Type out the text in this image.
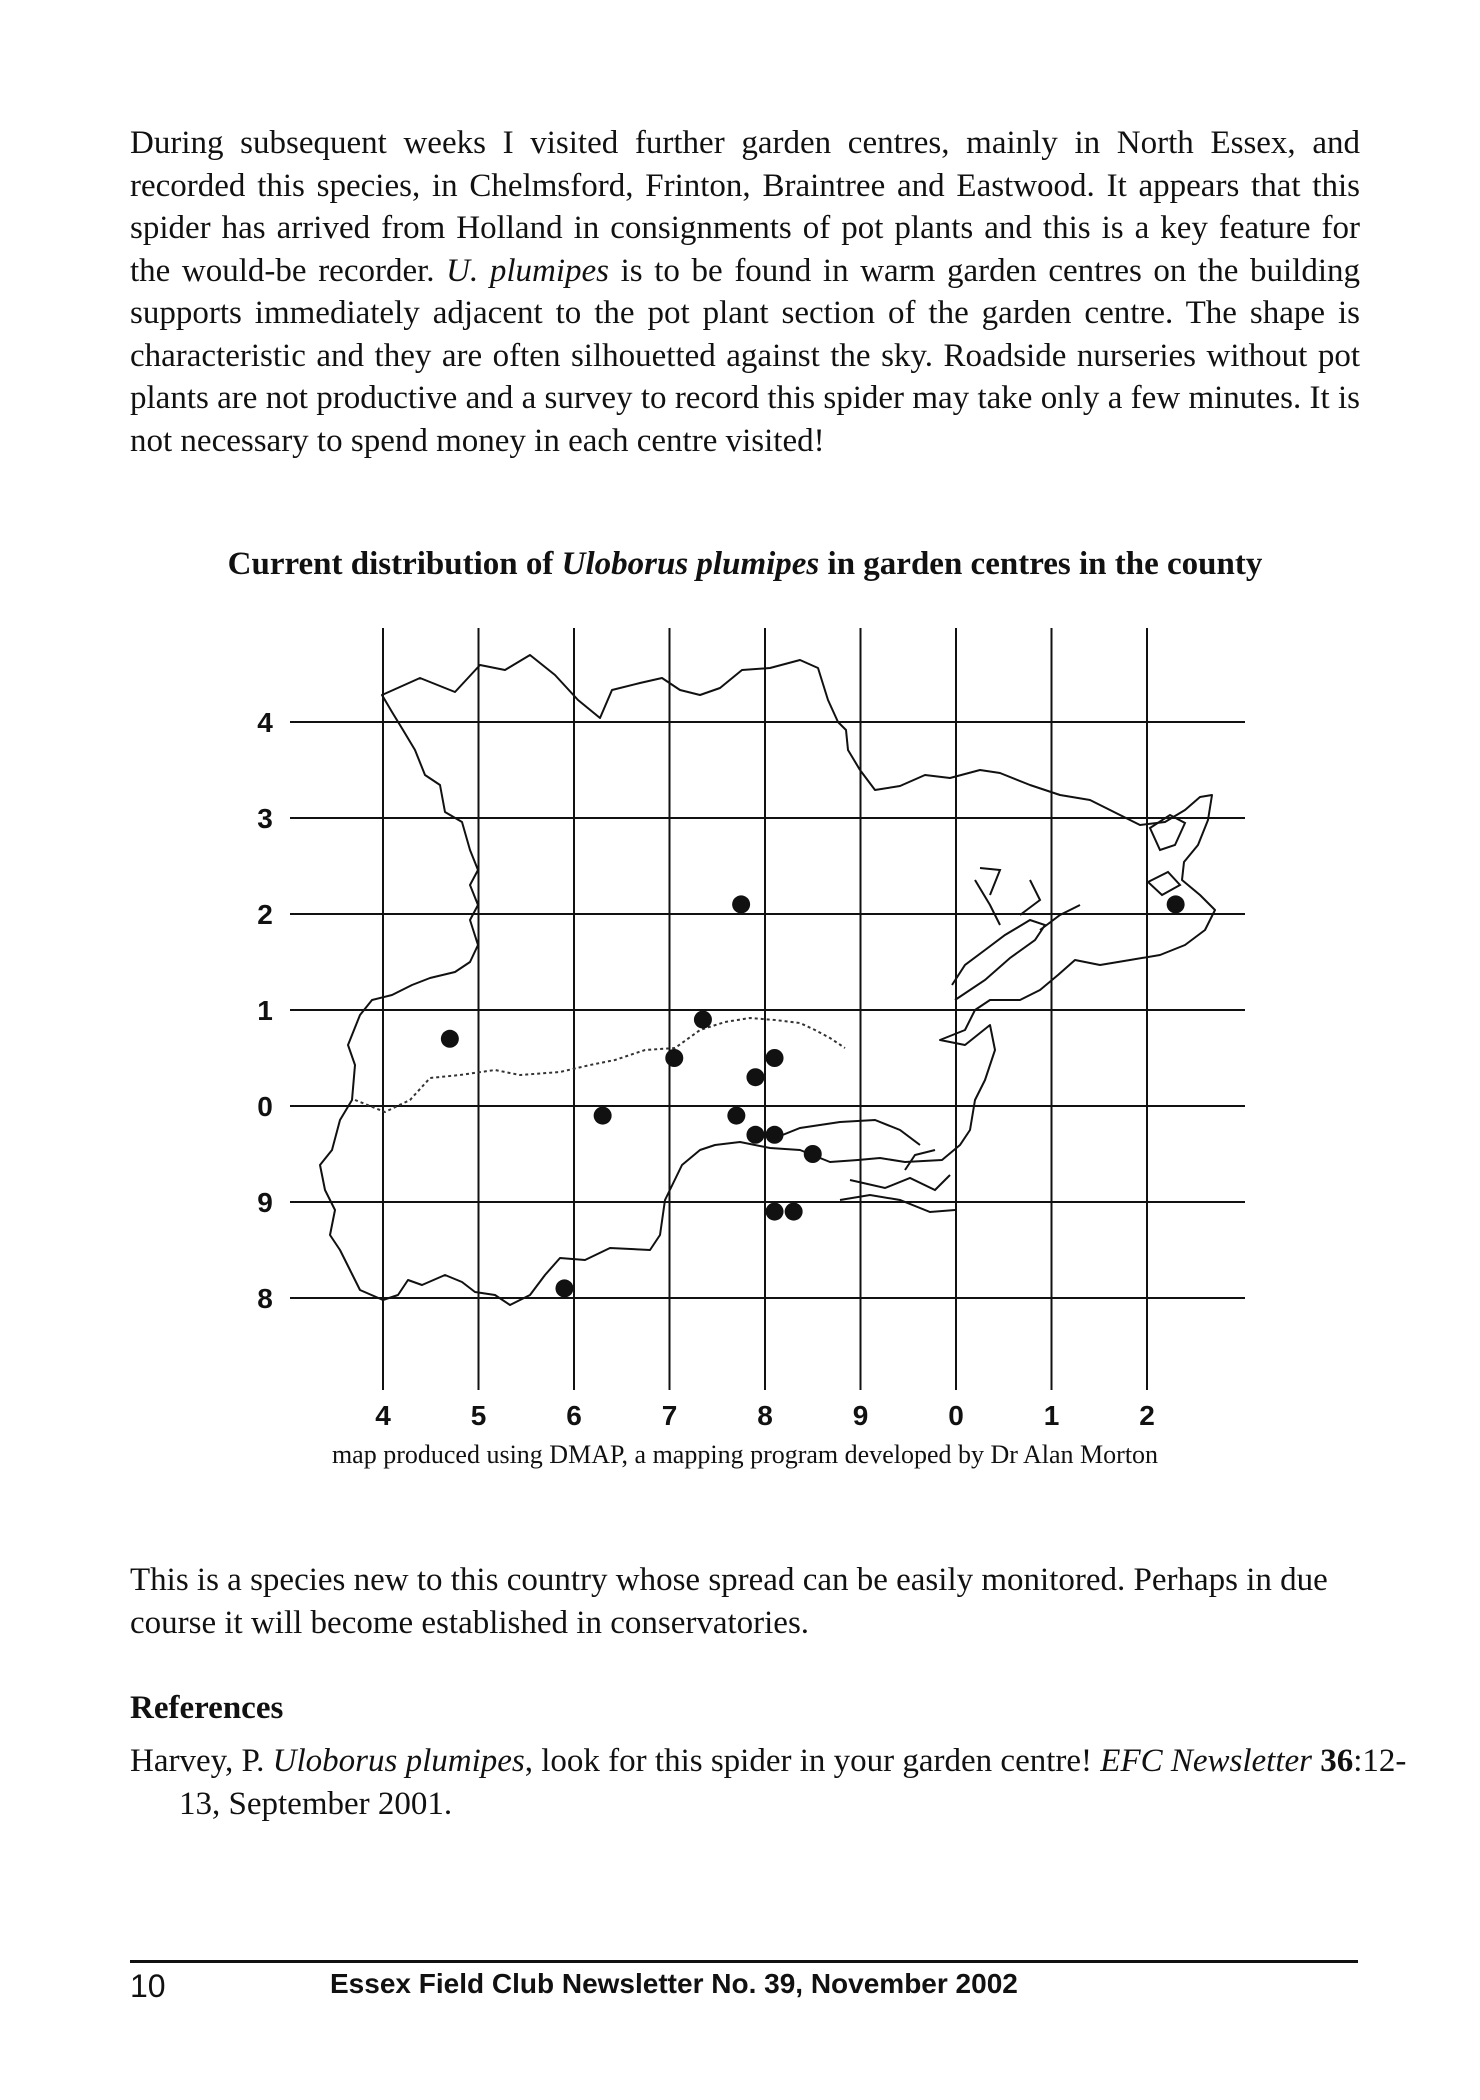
During subsequent weeks I visited further garden centres, mainly in North Essex, and recorded this species, in Chelmsford, Frinton, Braintree and Eastwood. It appears that this spider has arrived from Holland in consignments of pot plants and this is a key feature for the would-be recorder. U. plumipes is to be found in warm garden centres on the building supports immediately adjacent to the pot plant section of the garden centre. The shape is characteristic and they are often silhouetted against the sky. Roadside nurseries without pot plants are not productive and a survey to record this spider may take only a few minutes. It is not necessary to spend money in each centre visited!

Current distribution of Uloborus plumipes in garden centres in the county
4	5	6	7	8	9	0	1	2
4
3
2
1
0
9
8

map produced using DMAP, a mapping program developed by Dr Alan Morton

This is a species new to this country whose spread can be easily monitored. Perhaps in due course it will become established in conservatories.

References

Harvey, P. Uloborus plumipes, look for this spider in your garden centre! EFC Newsletter 36:12-13, September 2001.

10	Essex Field Club Newsletter No. 39, November 2002
